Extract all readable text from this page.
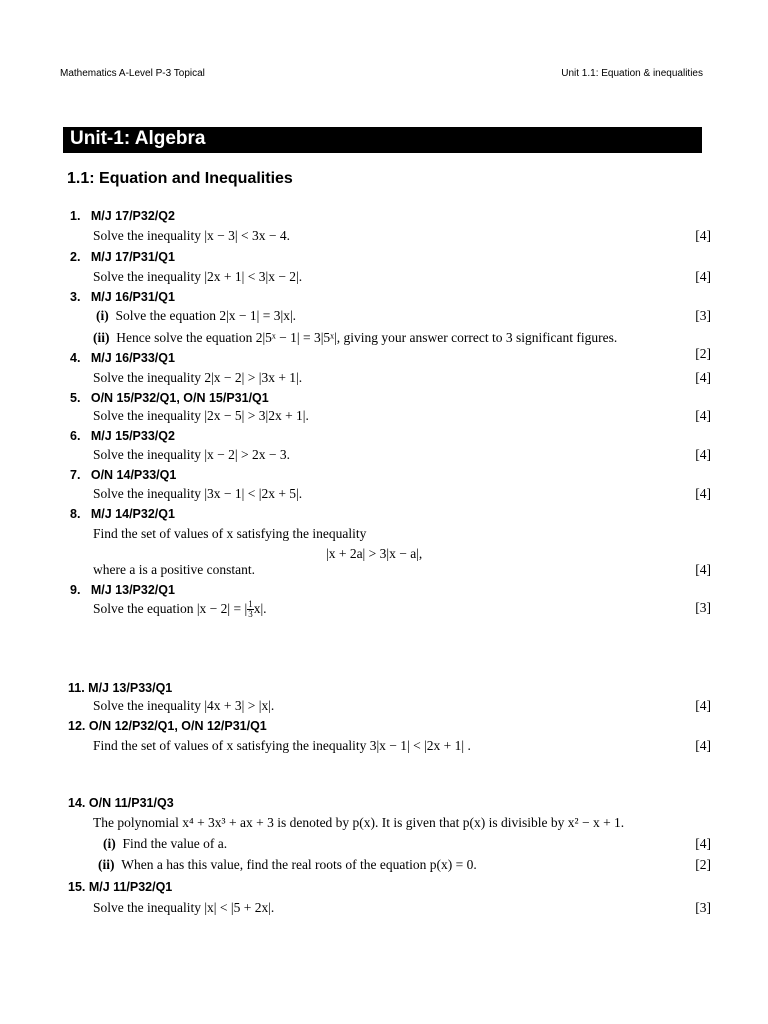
Mathematics A-Level P-3 Topical	Unit 1.1: Equation & inequalities
Unit-1: Algebra
1.1: Equation and Inequalities
1. M/J 17/P32/Q2
Solve the inequality |x − 3| < 3x − 4.	[4]
2. M/J 17/P31/Q1
Solve the inequality |2x + 1| < 3|x − 2|.	[4]
3. M/J 16/P31/Q1
(i) Solve the equation 2|x − 1| = 3|x|.	[3]
(ii) Hence solve the equation 2|5ˣ − 1| = 3|5ˣ|, giving your answer correct to 3 significant figures.
[2]
4. M/J 16/P33/Q1
Solve the inequality 2|x − 2| > |3x + 1|.	[4]
5. O/N 15/P32/Q1, O/N 15/P31/Q1
Solve the inequality |2x − 5| > 3|2x + 1|.	[4]
6. M/J 15/P33/Q2
Solve the inequality |x − 2| > 2x − 3.	[4]
7. O/N 14/P33/Q1
Solve the inequality |3x − 1| < |2x + 5|.	[4]
8. M/J 14/P32/Q1
Find the set of values of x satisfying the inequality
|x + 2a| > 3|x − a|,
where a is a positive constant.	[4]
9. M/J 13/P32/Q1
Solve the equation |x − 2| = | $\frac{1}{3} x|$.	[3]
11. M/J 13/P33/Q1
Solve the inequality |4x + 3| > |x|.	[4]
12. O/N 12/P32/Q1, O/N 12/P31/Q1
Find the set of values of x satisfying the inequality 3|x − 1| < |2x + 1| .	[4]
14. O/N 11/P31/Q3
The polynomial x⁴ + 3x³ + ax + 3 is denoted by p(x). It is given that p(x) is divisible by x² − x + 1.
(i) Find the value of a.	[4]
(ii) When a has this value, find the real roots of the equation p(x) = 0.	[2]
15. M/J 11/P32/Q1
Solve the inequality |x| < |5 + 2x|.	[3]
